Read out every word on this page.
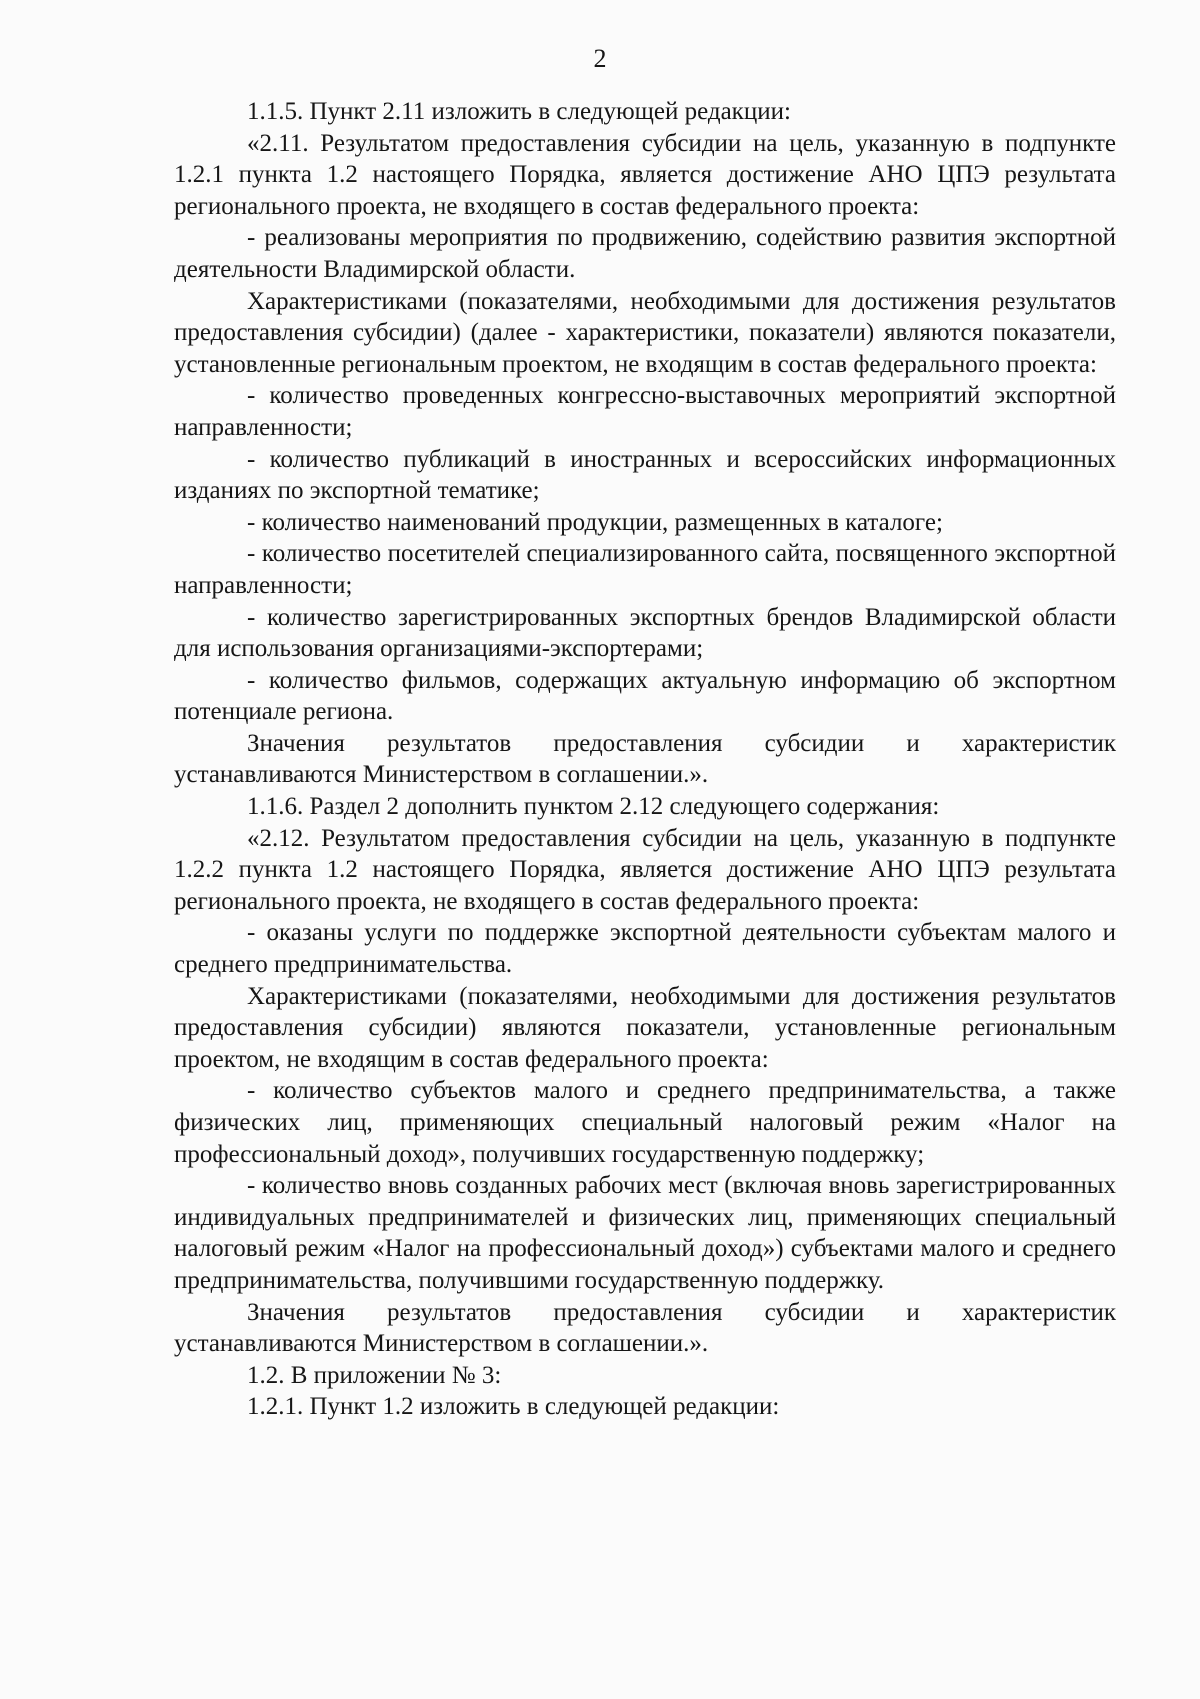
2

1.1.5. Пункт 2.11 изложить в следующей редакции:

«2.11. Результатом предоставления субсидии на цель, указанную в подпункте 1.2.1 пункта 1.2 настоящего Порядка, является достижение АНО ЦПЭ результата регионального проекта, не входящего в состав федерального проекта:

- реализованы мероприятия по продвижению, содействию развития экспортной деятельности Владимирской области.

Характеристиками (показателями, необходимыми для достижения результатов предоставления субсидии) (далее - характеристики, показатели) являются показатели, установленные региональным проектом, не входящим в состав федерального проекта:

- количество проведенных конгрессно-выставочных мероприятий экспортной направленности;

- количество публикаций в иностранных и всероссийских информационных изданиях по экспортной тематике;

- количество наименований продукции, размещенных в каталоге;

- количество посетителей специализированного сайта, посвященного экспортной направленности;

- количество зарегистрированных экспортных брендов Владимирской области для использования организациями-экспортерами;

- количество фильмов, содержащих актуальную информацию об экспортном потенциале региона.

Значения результатов предоставления субсидии и характеристик устанавливаются Министерством в соглашении.».

1.1.6. Раздел 2 дополнить пунктом 2.12 следующего содержания:

«2.12. Результатом предоставления субсидии на цель, указанную в подпункте 1.2.2 пункта 1.2 настоящего Порядка, является достижение АНО ЦПЭ результата регионального проекта, не входящего в состав федерального проекта:

- оказаны услуги по поддержке экспортной деятельности субъектам малого и среднего предпринимательства.

Характеристиками (показателями, необходимыми для достижения результатов предоставления субсидии) являются показатели, установленные региональным проектом, не входящим в состав федерального проекта:

- количество субъектов малого и среднего предпринимательства, а также физических лиц, применяющих специальный налоговый режим «Налог на профессиональный доход», получивших государственную поддержку;

- количество вновь созданных рабочих мест (включая вновь зарегистрированных индивидуальных предпринимателей и физических лиц, применяющих специальный налоговый режим «Налог на профессиональный доход») субъектами малого и среднего предпринимательства, получившими государственную поддержку.

Значения результатов предоставления субсидии и характеристик устанавливаются Министерством в соглашении.».

1.2. В приложении № 3:

1.2.1. Пункт 1.2 изложить в следующей редакции:
